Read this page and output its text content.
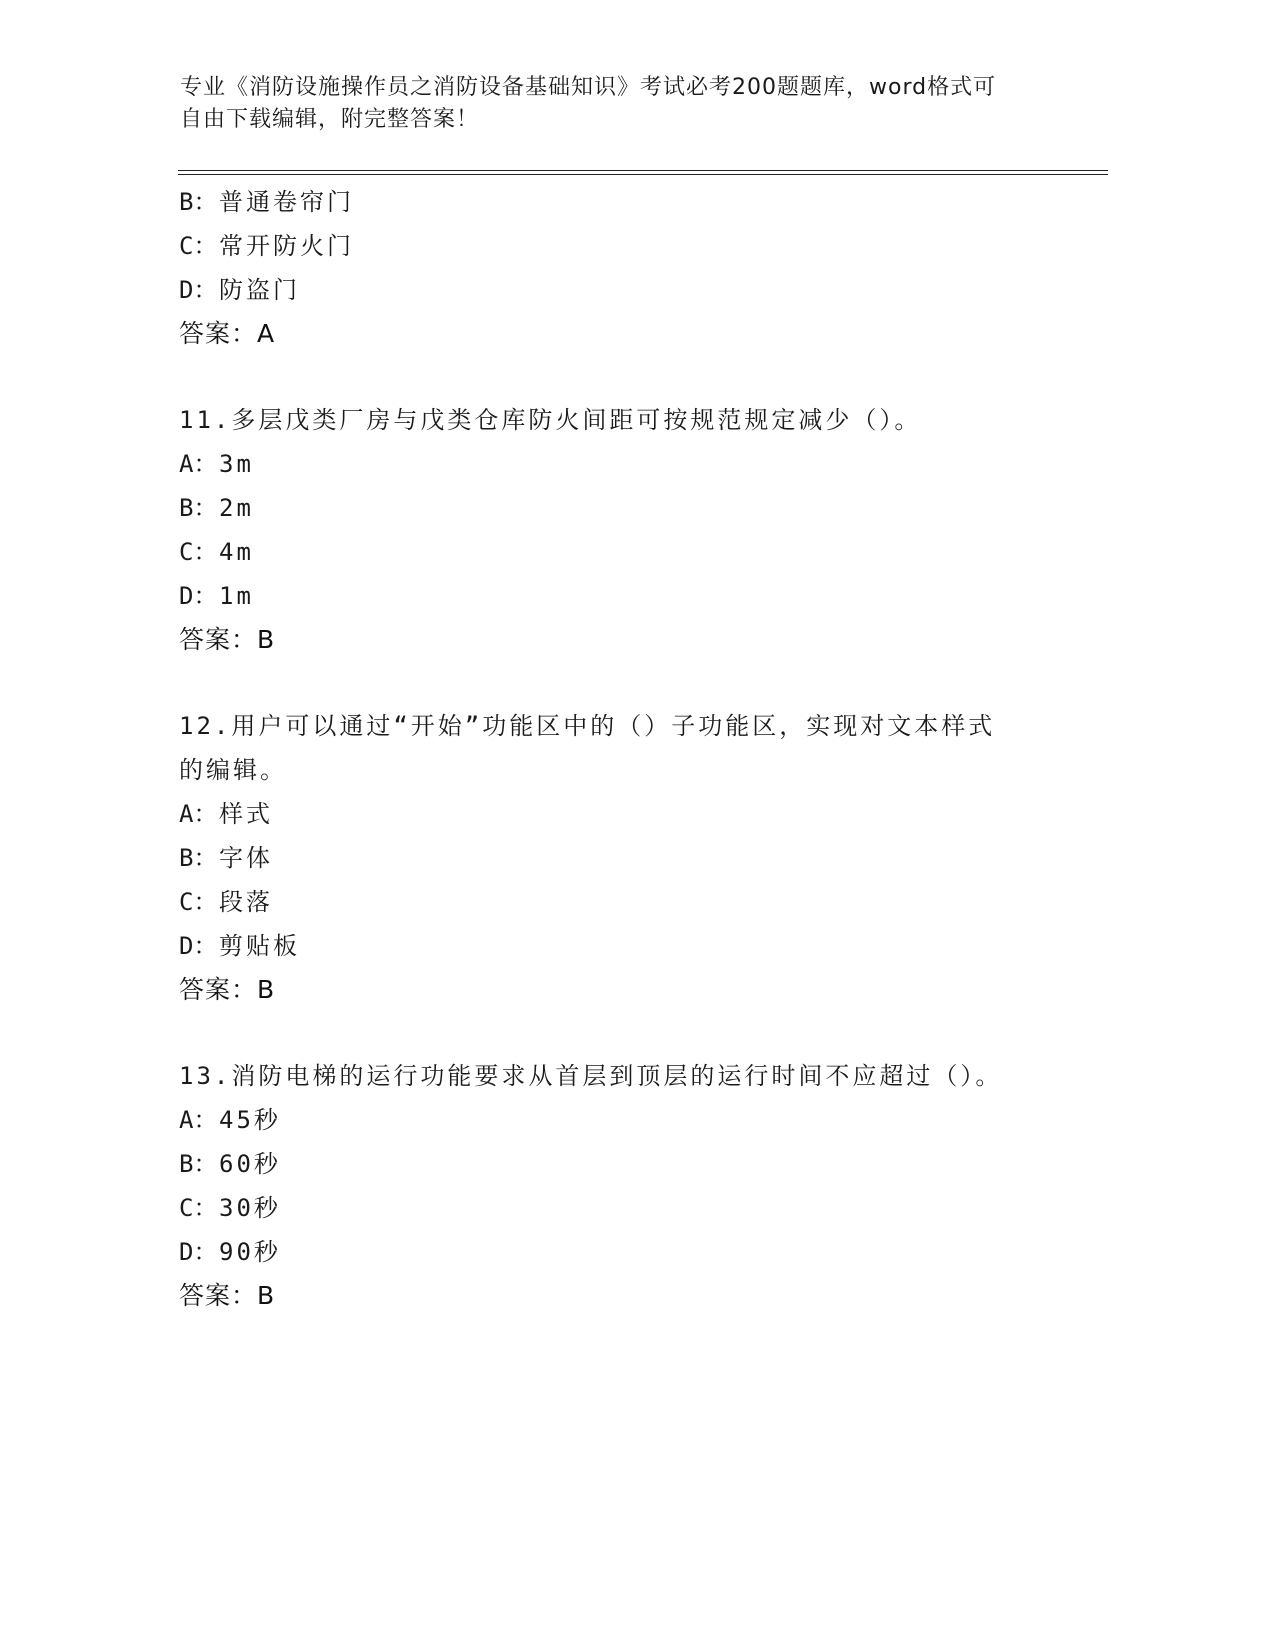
专业《消防设施操作员之消防设备基础知识》考试必考200题题库，word格式可
自由下载编辑，附完整答案！
B：普通卷帘门
C：常开防火门
D：防盗门
答案：A
11.多层戊类厂房与戊类仓库防火间距可按规范规定减少（）。
A：3m
B：2m
C：4m
D：1m
答案：B
12.用户可以通过“开始”功能区中的（）子功能区，实现对文本样式
的编辑。
A：样式
B：字体
C：段落
D：剪贴板
答案：B
13.消防电梯的运行功能要求从首层到顶层的运行时间不应超过（）。
A：45秒
B：60秒
C：30秒
D：90秒
答案：B
